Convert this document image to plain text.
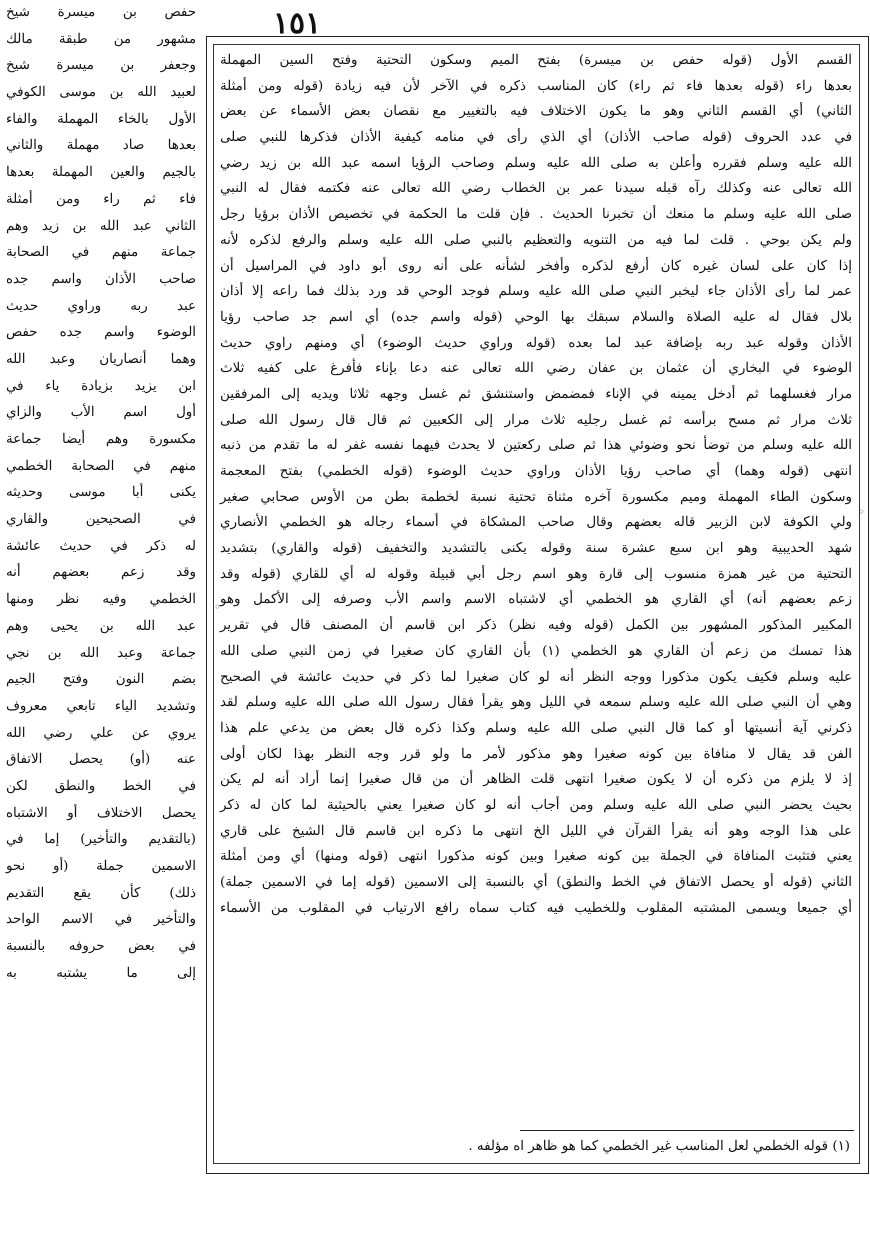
١٥١
حفص بن ميسرة شيخ
مشهور من طبقة مالك
وجعفر بن ميسرة شيخ
لعبيد الله بن موسى الكوفي
الأول بالخاء المهملة والفاء
بعدها صاد مهملة والثاني
بالجيم والعين المهملة بعدها
فاء ثم راء ومن أمثلة
الثاني عبد الله بن زيد وهم
جماعة منهم في الصحابة
صاحب الأذان واسم جده
عبد ربه وراوي حديث
الوضوء واسم جده حفص
وهما أنصاريان وعبد الله
ابن يزيد بزيادة ياء في
أول اسم الأب والزاي
مكسورة وهم أيضا جماعة
منهم في الصحابة الخطمي
يكنى أبا موسى وحديثه
في الصحيحين والقاري
له ذكر في حديث عائشة
وقد زعم بعضهم أنه
الخطمي وفيه نظر ومنها
عبد الله بن يحيى وهم
جماعة وعبد الله بن نجي
بضم النون وفتح الجيم
وتشديد الياء تابعي معروف
يروي عن علي رضي الله
عنه (أو) يحصل الاتفاق
في الخط والنطق لكن
يحصل الاختلاف أو الاشتباه
(بالتقديم والتأخير) إما في
الاسمين جملة (أو نحو
ذلك) كأن يقع التقديم
والتأخير في الاسم الواحد
في بعض حروفه بالنسبة
إلى ما يشتبه به
القسم الأول (قوله حفص بن ميسرة) بفتح الميم وسكون التحتية وفتح السين المهملة
بعدها راء (قوله بعدها فاء ثم راء) كان المناسب ذكره في الآخر لأن فيه زيادة (قوله ومن أمثلة
الثاني) أي القسم الثاني وهو ما يكون الاختلاف فيه بالتغيير مع نقصان بعض الأسماء عن بعض
في عدد الحروف (قوله صاحب الأذان) أي الذي رأى في منامه كيفية الأذان فذكرها للنبي صلى
الله عليه وسلم فقرره وأعلن به صلى الله عليه وسلم وصاحب الرؤيا اسمه عبد الله بن زيد رضي
الله تعالى عنه وكذلك رآه قبله سيدنا عمر بن الخطاب رضي الله تعالى عنه فكتمه فقال له النبي
صلى الله عليه وسلم ما منعك أن تخبرنا الحديث . فإن قلت ما الحكمة في تخصيص الأذان برؤيا رجل
ولم يكن بوحي . قلت لما فيه من التنويه والتعظيم بالنبي صلى الله عليه وسلم والرفع لذكره لأنه
إذا كان على لسان غيره كان أرفع لذكره وأفخر لشأنه على أنه روى أبو داود في المراسيل أن
عمر لما رأى الأذان جاء ليخبر النبي صلى الله عليه وسلم فوجد الوحي قد ورد بذلك فما راعه إلا أذان
بلال فقال له عليه الصلاة والسلام سبقك بها الوحي (قوله واسم جده) أي اسم جد صاحب رؤيا
الأذان وقوله عبد ربه بإضافة عبد لما بعده (قوله وراوي حديث الوضوء) أي ومنهم راوي حديث
الوضوء في البخاري أن عثمان بن عفان رضي الله تعالى عنه دعا بإناء فأفرغ على كفيه ثلاث
مرار فغسلهما ثم أدخل يمينه في الإناء فمضمض واستنشق ثم غسل وجهه ثلاثا ويديه إلى المرفقين
ثلاث مرار ثم مسح برأسه ثم غسل رجليه ثلاث مرار إلى الكعبين ثم قال قال رسول الله صلى
الله عليه وسلم من توضأ نحو وضوئي هذا ثم صلى ركعتين لا يحدث فيهما نفسه غفر له ما تقدم من ذنبه
انتهى (قوله وهما) أي صاحب رؤيا الأذان وراوي حديث الوضوء (قوله الخطمي) بفتح المعجمة
وسكون الطاء المهملة وميم مكسورة آخره مثناة تحتية نسبة لخطمة بطن من الأوس صحابي صغير
ولي الكوفة لابن الزبير قاله بعضهم وقال صاحب المشكاة في أسماء رجاله هو الخطمي الأنصاري
شهد الحديبية وهو ابن سبع عشرة سنة وقوله يكنى بالتشديد والتخفيف (قوله والقاري) بتشديد
التحتية من غير همزة منسوب إلى قارة وهو اسم رجل أبي قبيلة وقوله له أي للقاري (قوله وقد
زعم بعضهم أنه) أي القاري هو الخطمي أي لاشتباه الاسم واسم الأب وصرفه إلى الأكمل وهو
المكبير المذكور المشهور بين الكمل (قوله وفيه نظر) ذكر ابن قاسم أن المصنف قال في تقرير
هذا تمسك من زعم أن القاري هو الخطمي (١) بأن القاري كان صغيرا في زمن النبي صلى الله
عليه وسلم فكيف يكون مذكورا ووجه النظر أنه لو كان صغيرا لما ذكر في حديث عائشة في الصحيح
وهي أن النبي صلى الله عليه وسلم سمعه في الليل وهو يقرأ فقال رسول الله صلى الله عليه وسلم لقد
ذكرني آية أنسيتها أو كما قال النبي صلى الله عليه وسلم وكذا ذكره قال بعض من يدعي علم هذا
الفن قد يقال لا منافاة بين كونه صغيرا وهو مذكور لأمر ما ولو قرر وجه النظر بهذا لكان أولى
إذ لا يلزم من ذكره أن لا يكون صغيرا انتهى قلت الظاهر أن من قال صغيرا إنما أراد أنه لم يكن
بحيث يحضر النبي صلى الله عليه وسلم ومن أجاب أنه لو كان صغيرا يعني بالحيثية لما كان له ذكر
على هذا الوجه وهو أنه يقرأ القرآن في الليل الخ انتهى ما ذكره ابن قاسم قال الشيخ على قاري
يعني فتثبت المنافاة في الجملة بين كونه صغيرا وبين كونه مذكورا انتهى (قوله ومنها) أي ومن أمثلة
الثاني (قوله أو يحصل الاتفاق في الخط والنطق) أي بالنسبة إلى الاسمين (قوله إما في الاسمين جملة)
أي جميعا ويسمى المشتبه المقلوب وللخطيب فيه كتاب سماه رافع الارتياب في المقلوب من الأسماء
(١) قوله الخطمي لعل المناسب غير الخطمي كما هو ظاهر اه مؤلفه .
◦
◦
